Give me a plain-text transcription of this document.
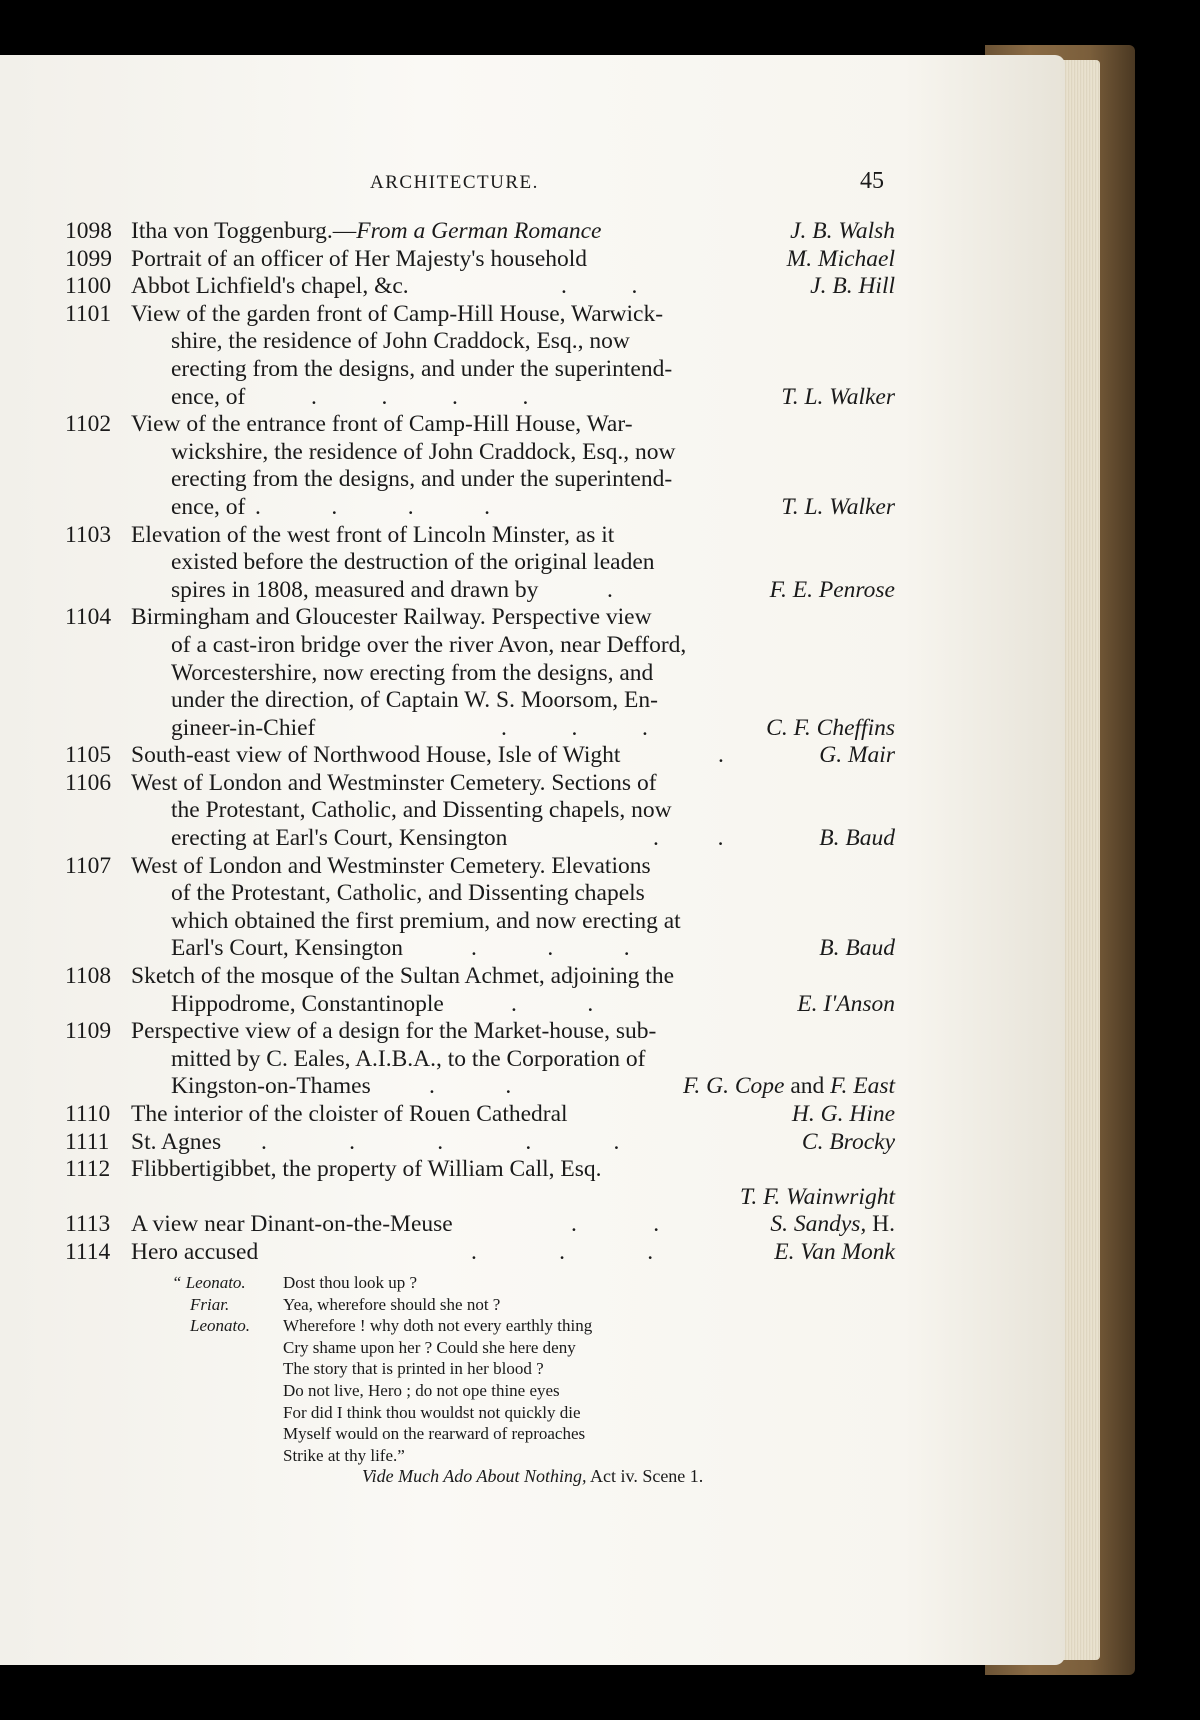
ARCHITECTURE.	45
1098 Itha von Toggenburg.—From a German Romance	J. B. Walsh
1099 Portrait of an officer of Her Majesty's household	M. Michael
1100 Abbot Lichfield's chapel, &c.	.           .	J. B. Hill
1101 View of the garden front of Camp-Hill House, Warwick-
shire, the residence of John Craddock, Esq., now
erecting from the designs, and under the superintend-
ence, of	.           .           .           .	T. L. Walker
1102 View of the entrance front of Camp-Hill House, War-
wickshire, the residence of John Craddock, Esq., now
erecting from the designs, and under the superintend-
ence, of .            .            .            .	T. L. Walker
1103 Elevation of the west front of Lincoln Minster, as it
existed before the destruction of the original leaden
spires in 1808, measured and drawn by	.	F. E. Penrose
1104 Birmingham and Gloucester Railway. Perspective view
of a cast-iron bridge over the river Avon, near Defford,
Worcestershire, now erecting from the designs, and
under the direction, of Captain W. S. Moorsom, En-
gineer-in-Chief	.           .           .	C. F. Cheffins
1105 South-east view of Northwood House, Isle of Wight	.	G. Mair
1106 West of London and Westminster Cemetery. Sections of
the Protestant, Catholic, and Dissenting chapels, now
erecting at Earl's Court, Kensington	.          .	B. Baud
1107 West of London and Westminster Cemetery. Elevations
of the Protestant, Catholic, and Dissenting chapels
which obtained the first premium, and now erecting at
Earl's Court, Kensington	.            .            .	B. Baud
1108 Sketch of the mosque of the Sultan Achmet, adjoining the
Hippodrome, Constantinople	.            .	E. I'Anson
1109 Perspective view of a design for the Market-house, sub-
mitted by C. Eales, A.I.B.A., to the Corporation of
Kingston-on-Thames .            .	F. G. Cope and F. East
1110 The interior of the cloister of Rouen Cathedral	H. G. Hine
1111 St. Agnes .              .              .              .              .	C. Brocky
1112 Flibbertigibbet, the property of William Call, Esq.
T. F. Wainwright
1113 A view near Dinant-on-the-Meuse	.             .	S. Sandys, H.
1114 Hero accused	.              .              .	E. Van Monk
“ Leonato. Dost thou look up ?
Friar.	Yea, wherefore should she not ?
Leonato. Wherefore ! why doth not every earthly thing
Cry shame upon her ? Could she here deny
The story that is printed in her blood ?
Do not live, Hero ; do not ope thine eyes
For did I think thou wouldst not quickly die
Myself would on the rearward of reproaches
Strike at thy life.”
Vide Much Ado About Nothing, Act iv. Scene 1.
